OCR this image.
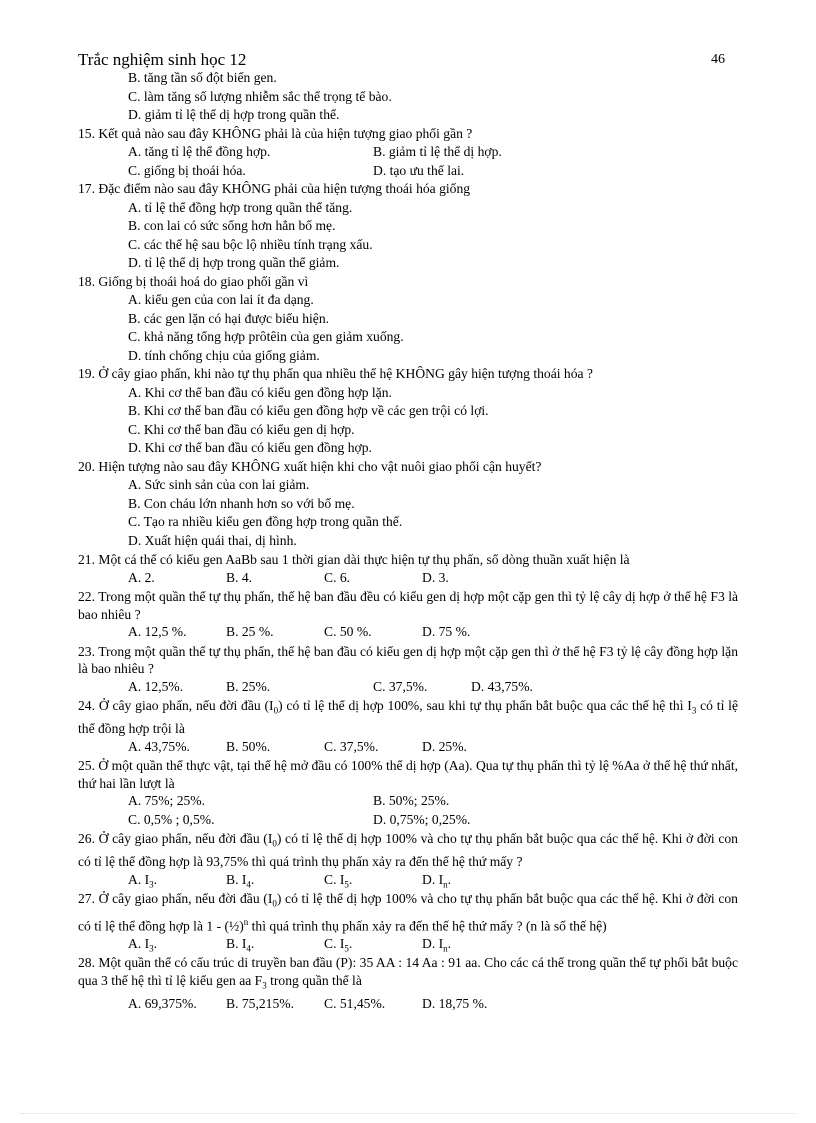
Trắc nghiệm sinh học 12	46
B. tăng tần số đột biến gen.
C. làm tăng số lượng nhiễm sắc thể trọng tế bào.
D. giảm tỉ lệ thể dị hợp trong quần thể.
15. Kết quả nào sau đây KHÔNG phải là của hiện tượng giao phối gần ?
A. tăng tỉ lệ thể đồng hợp.	B. giảm tỉ lệ thể dị hợp.
C. giống bị thoái hóa.	D. tạo ưu thế lai.
17. Đặc điểm nào sau đây KHÔNG phải của hiện tượng thoái hóa giống
A. tỉ lệ thể đồng hợp trong quần thể tăng.
B. con lai có sức sống hơn hẳn bố mẹ.
C. các thế hệ sau bộc lộ nhiều tính trạng xấu.
D. tỉ lệ thể dị hợp trong quần thể giảm.
18. Giống bị thoái hoá do giao phối gần vì
A. kiểu gen của con lai ít đa dạng.
B. các gen lặn có hại được biểu hiện.
C. khả năng tổng hợp prôtêin của gen giảm xuống.
D. tính chống chịu của giống giảm.
19. Ở cây giao phấn, khi nào tự thụ phấn qua nhiều thế hệ KHÔNG gây hiện tượng thoái hóa ?
A. Khi cơ thể ban đầu có kiểu gen đồng hợp lặn.
B. Khi cơ thể ban đầu có kiểu gen đồng hợp về các gen trội có lợi.
C. Khi cơ thể ban đầu có kiểu gen dị hợp.
D. Khi cơ thể ban đầu có kiểu gen đồng hợp.
20. Hiện tượng nào sau đây KHÔNG xuất hiện khi cho vật nuôi giao phối cận huyết?
A. Sức sinh sản của con lai giảm.
B. Con cháu lớn nhanh hơn so với bố mẹ.
C. Tạo ra nhiều kiểu gen đồng hợp trong quần thể.
D. Xuất hiện quái thai, dị hình.
21. Một cá thể có kiểu gen AaBb sau 1 thời gian dài thực hiện tự thụ phấn, số dòng thuần xuất hiện là
A. 2.	B. 4.	C. 6.	D. 3.
22. Trong một quần thể tự thụ phấn, thế hệ ban đầu đều có kiểu gen dị hợp một cặp gen thì tỷ lệ cây dị hợp ở thế hệ F3 là bao nhiêu ?
A. 12,5 %.	B. 25 %.	C. 50 %.	D. 75 %.
23. Trong một quần thể tự thụ phấn, thế hệ ban đầu có kiểu gen dị hợp một cặp gen thì ở thế hệ F3 tỷ lệ cây đồng hợp lặn là bao nhiêu ?
A. 12,5%.	B. 25%.	C. 37,5%.	D. 43,75%.
24. Ở cây giao phấn, nếu đời đầu $(I_0)$ có tỉ lệ thể dị hợp 100%, sau khi tự thụ phấn bắt buộc qua các thế hệ thì $I_3$ có tỉ lệ thể đồng hợp trội là
A. 43,75%.	B. 50%.	C. 37,5%.	D. 25%.
25. Ở một quần thể thực vật, tại thế hệ mở đầu có 100% thể dị hợp (Aa). Qua tự thụ phấn thì tỷ lệ %Aa ở thế hệ thứ nhất, thứ hai lần lượt là
A. 75%; 25%.	B. 50%; 25%.
C. 0,5% ; 0,5%.	D. 0,75%; 0,25%.
26. Ở cây giao phấn, nếu đời đầu $(I_0)$ có tỉ lệ thể dị hợp 100% và cho tự thụ phấn bắt buộc qua các thế hệ. Khi ở đời con có tỉ lệ thể đồng hợp là 93,75% thì quá trình thụ phấn xảy ra đến thế hệ thứ mấy ?
A. $I_3$.	B. $I_4$.	C. $I_5$.	D. $I_n$.
27. Ở cây giao phấn, nếu đời đầu $(I_0)$ có tỉ lệ thể dị hợp 100% và cho tự thụ phấn bắt buộc qua các thế hệ. Khi ở đời con có tỉ lệ thể đồng hợp là 1 - (½)$^n$ thì quá trình thụ phấn xảy ra đến thế hệ thứ mấy ? (n là số thế hệ)
A. $I_3$.	B. $I_4$.	C. $I_5$.	D. $I_n$.
28. Một quần thể có cấu trúc di truyền ban đầu (P): 35 AA : 14 Aa : 91 aa. Cho các cá thể trong quần thể tự phối bắt buộc qua 3 thế hệ thì tỉ lệ kiểu gen aa $F_3$ trong quần thể là
A. 69,375%.	B. 75,215%.	C. 51,45%.	D. 18,75 %.
